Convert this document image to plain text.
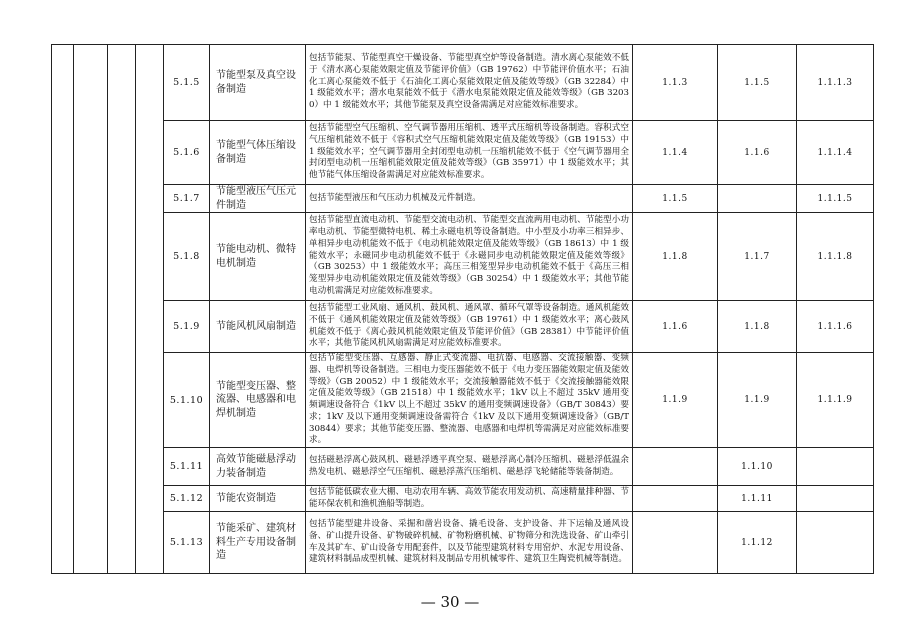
				5.1.5	节能型泵及真空设备制造	包括节能泵、节能型真空干燥设备、节能型真空炉等设备制造。清水离心泵能效不低于《清水离心泵能效限定值及节能评价值》（GB 19762）中节能评价值水平；石油化工离心泵能效不低于《石油化工离心泵能效限定值及能效等级》（GB 32284）中 1 级能效水平；潜水电泵能效不低于《潜水电泵能效限定值及能效等级》（GB 32030）中 1 级能效水平；其他节能泵及真空设备需满足对应能效标准要求。	1.1.3	1.1.5	1.1.1.3
				5.1.6	节能型气体压缩设备制造	包括节能型空气压缩机、空气调节器用压缩机、透平式压缩机等设备制造。容积式空气压缩机能效不低于《容积式空气压缩机能效限定值及能效等级》（GB 19153）中 1 级能效水平；空气调节器用全封闭型电动机一压缩机能效不低于《空气调节器用全封闭型电动机一压缩机能效限定值及能效等级》（GB 35971）中 1 级能效水平；其他节能气体压缩设备需满足对应能效标准要求。	1.1.4	1.1.6	1.1.1.4
				5.1.7	节能型液压气压元件制造	包括节能型液压和气压动力机械及元件制造。	1.1.5		1.1.1.5
				5.1.8	节能电动机、微特电机制造	包括节能型直流电动机、节能型交流电动机、节能型交直流两用电动机、节能型小功率电动机、节能型微特电机、稀土永磁电机等设备制造。中小型及小功率三相异步、单相异步电动机能效不低于《电动机能效限定值及能效等级》（GB 18613）中 1 级能效水平；永磁同步电动机能效不低于《永磁同步电动机能效限定值及能效等级》（GB 30253）中 1 级能效水平；高压三相笼型异步电动机能效不低于《高压三相笼型异步电动机能效限定值及能效等级》（GB 30254）中 1 级能效水平；其他节能电动机需满足对应能效标准要求。	1.1.8	1.1.7	1.1.1.8
				5.1.9	节能风机风扇制造	包括节能型工业风扇、通风机、鼓风机、通风罩、循环气罩等设备制造。通风机能效不低于《通风机能效限定值及能效等级》（GB 19761）中 1 级能效水平；离心鼓风机能效不低于《离心鼓风机能效限定值及节能评价值》（GB 28381）中节能评价值水平；其他节能风机风扇需满足对应能效标准要求。	1.1.6	1.1.8	1.1.1.6
				5.1.10	节能型变压器、整流器、电感器和电焊机制造	包括节能型变压器、互感器、静止式变流器、电抗器、电感器、交流接触器、变频器、电焊机等设备制造。三相电力变压器能效不低于《电力变压器能效限定值及能效等级》（GB 20052）中 1 级能效水平；交流接触器能效不低于《交流接触器能效限定值及能效等级》（GB 21518）中 1 级能效水平；1kV 以上不超过 35kV 通用变频调速设备符合《1kV 以上不超过 35kV 的通用变频调速设备》（GB/T 30843）要求；1kV 及以下通用变频调速设备需符合《1kV 及以下通用变频调速设备》（GB/T 30844）要求；其他节能变压器、整流器、电感器和电焊机等需满足对应能效标准要求。	1.1.9	1.1.9	1.1.1.9
				5.1.11	高效节能磁悬浮动力装备制造	包括磁悬浮离心鼓风机、磁悬浮透平真空泵、磁悬浮离心制冷压缩机、磁悬浮低温余热发电机、磁悬浮空气压缩机、磁悬浮蒸汽压缩机、磁悬浮飞轮储能等装备制造。		1.1.10	
				5.1.12	节能农资制造	包括节能低碳农业大棚、电动农用车辆、高效节能农用发动机、高速精量排种器、节能环保农机和渔机渔船等制造。		1.1.11	
				5.1.13	节能采矿、建筑材料生产专用设备制造	包括节能型建井设备、采掘和凿岩设备、撬毛设备、支护设备、井下运输及通风设备、矿山提升设备、矿物破碎机械、矿物粉磨机械、矿物筛分和洗选设备、矿山牵引车及其矿车、矿山设备专用配套件，以及节能型建筑材料专用窑炉、水泥专用设备、建筑材料制品成型机械、建筑材料及制品专用机械零件、建筑卫生陶瓷机械等制造。		1.1.12	
— 30 —
